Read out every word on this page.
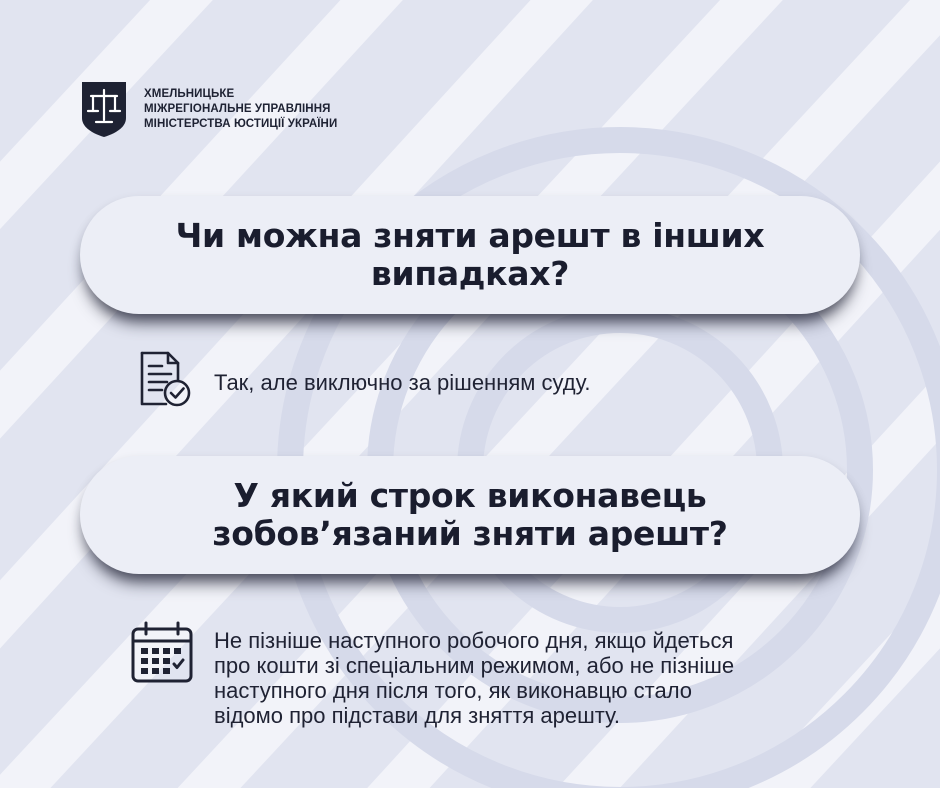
ХМЕЛЬНИЦЬКЕ
МІЖРЕГІОНАЛЬНЕ УПРАВЛІННЯ
МІНІСТЕРСТВА ЮСТИЦІЇ УКРАЇНИ
Чи можна зняти арешт в інших
випадках?

Так, але виключно за рішенням суду.

У який строк виконавець
зобов’язаний зняти арешт?

Не пізніше наступного робочого дня, якщо йдеться
про кошти зі спеціальним режимом, або не пізніше
наступного дня після того, як виконавцю стало
відомо про підстави для зняття арешту.
